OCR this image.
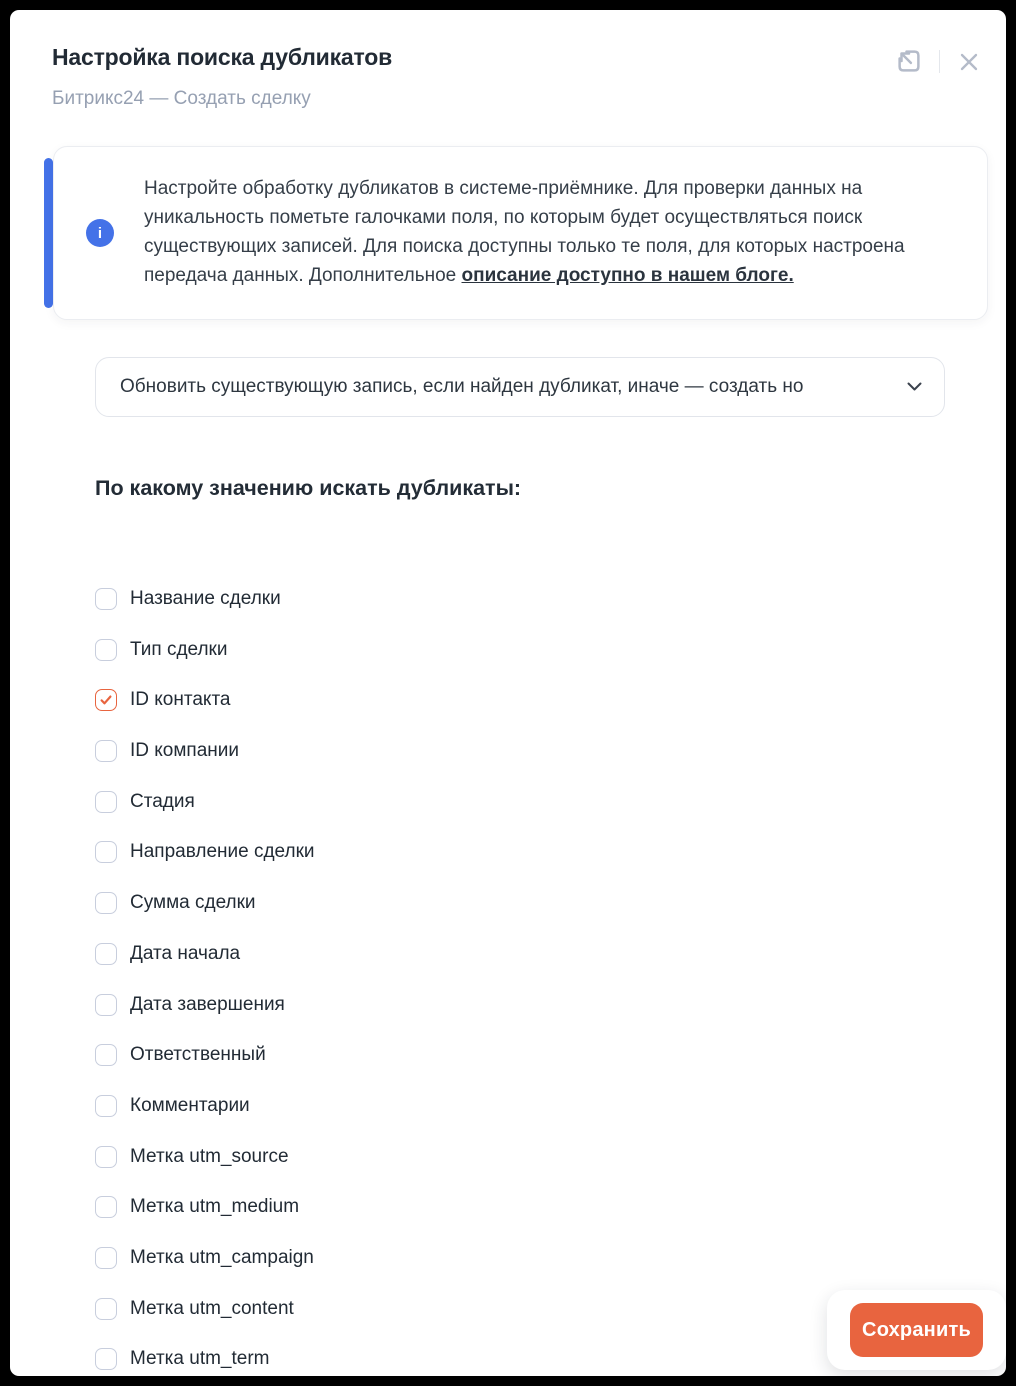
Настройка поиска дубликатов
Битрикс24 — Создать сделку
i
Настройте обработку дубликатов в системе-приёмнике. Для проверки данных на уникальность пометьте галочками поля, по которым будет осуществляться поиск существующих записей. Для поиска доступны только те поля, для которых настроена передача данных. Дополнительное описание доступно в нашем блоге.
Обновить существующую запись, если найден дубликат, иначе — создать но
По какому значению искать дубликаты:
Название сделки
Тип сделки
ID контакта
ID компании
Стадия
Направление сделки
Сумма сделки
Дата начала
Дата завершения
Ответственный
Комментарии
Метка utm_source
Метка utm_medium
Метка utm_campaign
Метка utm_content
Метка utm_term
Сохранить
